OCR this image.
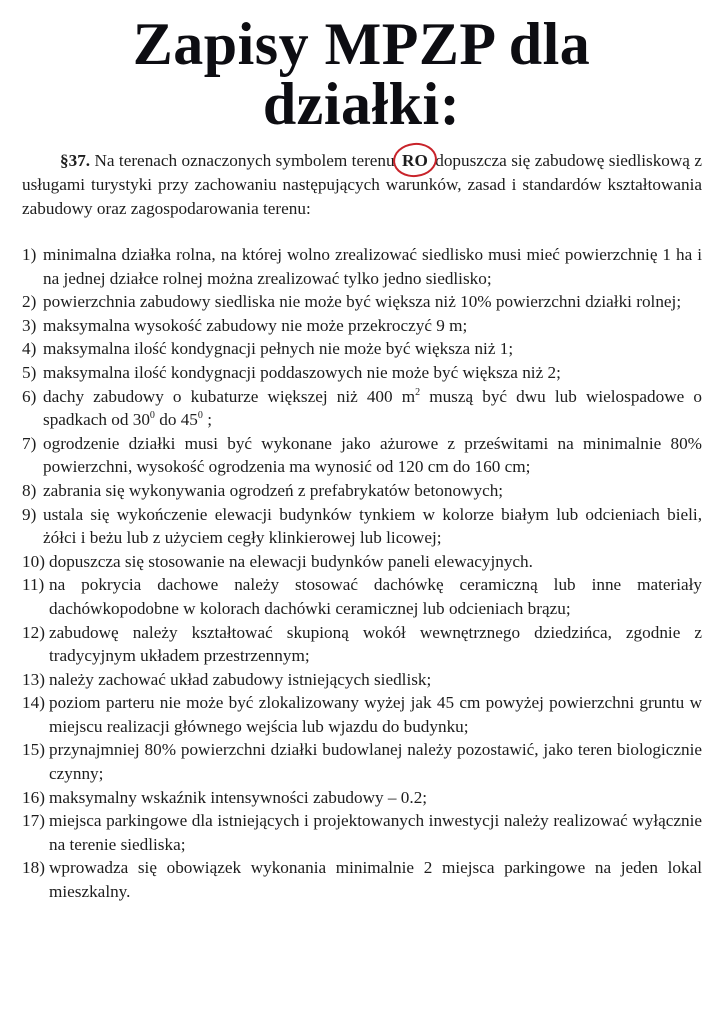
Zapisy MPZP dla
działki:
§37. Na terenach oznaczonych symbolem terenu
RO dopuszcza się zabudowę siedliskową z usługami turystyki przy zachowaniu następujących warunków, zasad i standardów kształtowania zabudowy oraz zagospodarowania terenu:
1) minimalna działka rolna, na której wolno zrealizować siedlisko musi mieć powierzchnię 1 ha i na jednej działce rolnej można zrealizować tylko jedno siedlisko;
2) powierzchnia zabudowy siedliska nie może być większa niż 10% powierzchni działki rolnej;
3) maksymalna wysokość zabudowy nie może przekroczyć 9 m;
4) maksymalna ilość kondygnacji pełnych nie może być większa niż 1;
5) maksymalna ilość kondygnacji poddaszowych nie może być większa niż 2;
6) dachy zabudowy o kubaturze większej niż 400 $m^2$ muszą być dwu lub wielospadowe o spadkach od $30^0$ do $45^0$ ;
7) ogrodzenie działki musi być wykonane jako ażurowe z prześwitami na minimalnie 80% powierzchni, wysokość ogrodzenia ma wynosić od 120 cm do 160 cm;
8) zabrania się wykonywania ogrodzeń z prefabrykatów betonowych;
9) ustala się wykończenie elewacji budynków tynkiem w kolorze białym lub odcieniach bieli, żółci i beżu lub z użyciem cegły klinkierowej lub licowej;
10) dopuszcza się stosowanie na elewacji budynków paneli elewacyjnych.
11) na pokrycia dachowe należy stosować dachówkę ceramiczną lub inne materiały dachówkopodobne w kolorach dachówki ceramicznej lub odcieniach brązu;
12) zabudowę należy kształtować skupioną wokół wewnętrznego dziedzińca, zgodnie z tradycyjnym układem przestrzennym;
13) należy zachować układ zabudowy istniejących siedlisk;
14) poziom parteru nie może być zlokalizowany wyżej jak 45 cm powyżej powierzchni gruntu w miejscu realizacji głównego wejścia lub wjazdu do budynku;
15) przynajmniej 80% powierzchni działki budowlanej należy pozostawić, jako teren biologicznie czynny;
16) maksymalny wskaźnik intensywności zabudowy – 0.2;
17) miejsca parkingowe dla istniejących i projektowanych inwestycji należy realizować wyłącznie na terenie siedliska;
18) wprowadza się obowiązek wykonania minimalnie 2 miejsca parkingowe na jeden lokal mieszkalny.
